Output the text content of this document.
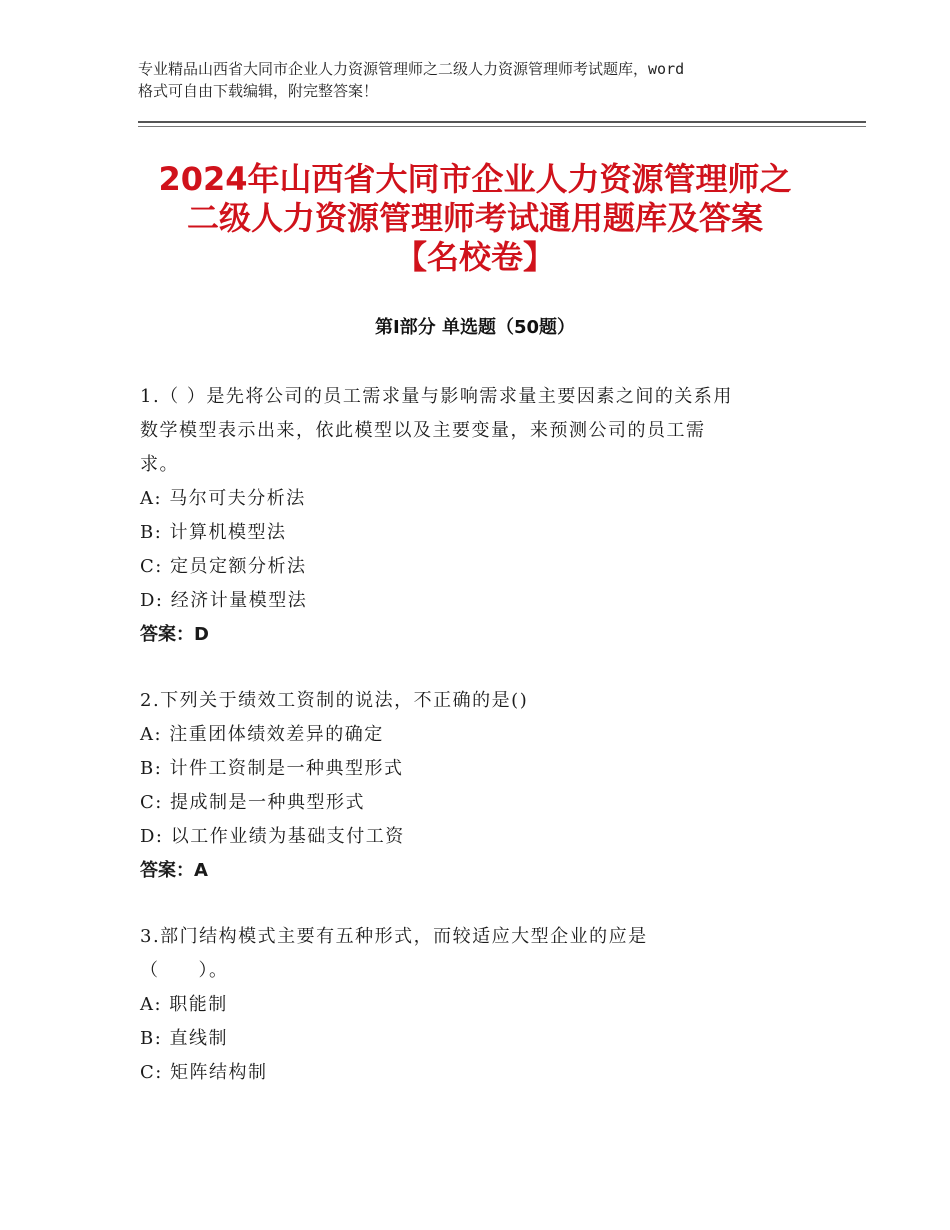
专业精品山西省大同市企业人力资源管理师之二级人力资源管理师考试题库，word
格式可自由下载编辑，附完整答案！
2024年山西省大同市企业人力资源管理师之
二级人力资源管理师考试通用题库及答案
【名校卷】
第Ⅰ部分 单选题（50题）
1.（ ）是先将公司的员工需求量与影响需求量主要因素之间的关系用
数学模型表示出来，依此模型以及主要变量，来预测公司的员工需
求。
A: 马尔可夫分析法
B: 计算机模型法
C: 定员定额分析法
D: 经济计量模型法
答案：D
2.下列关于绩效工资制的说法，不正确的是()
A: 注重团体绩效差异的确定
B: 计件工资制是一种典型形式
C: 提成制是一种典型形式
D: 以工作业绩为基础支付工资
答案：A
3.部门结构模式主要有五种形式，而较适应大型企业的应是
（　　）。
A: 职能制
B: 直线制
C: 矩阵结构制
